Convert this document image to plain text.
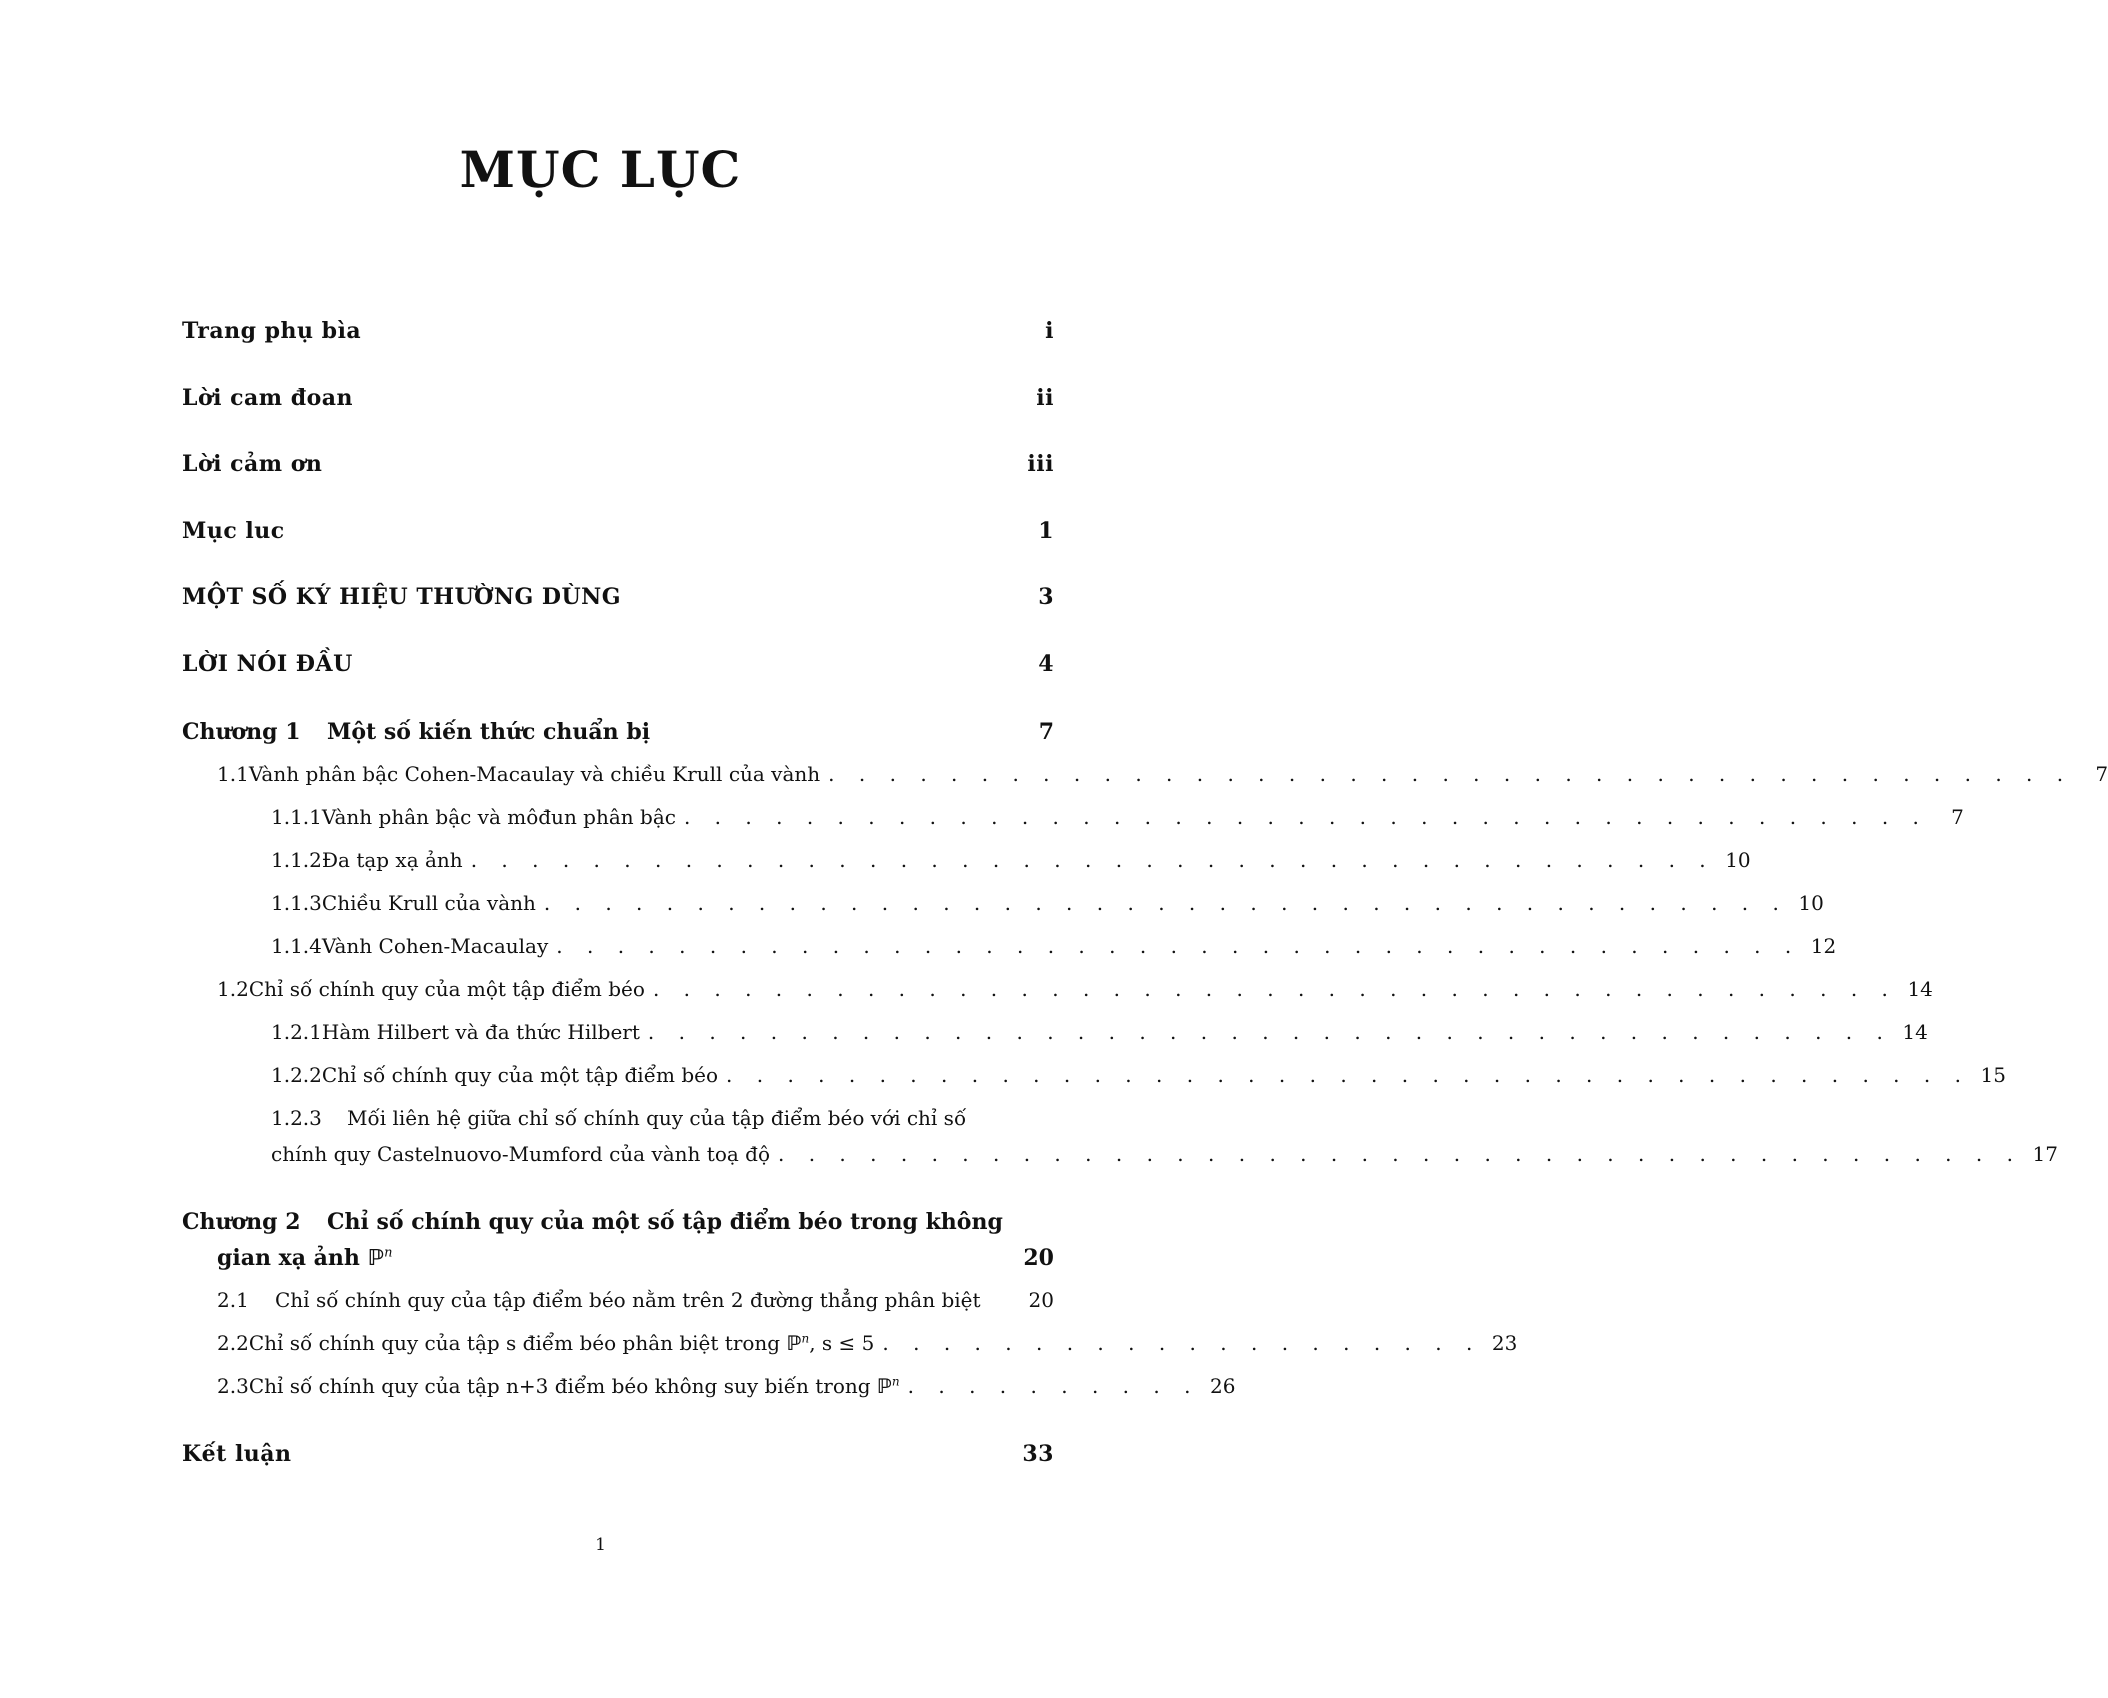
MỤC LỤC
Trang phụ bìa	i
Lời cam đoan	ii
Lời cảm ơn	iii
Mục luc	1
MỘT SỐ KÝ HIỆU THƯỜNG DÙNG	3
LỜI NÓI ĐẦU	4
Chương 1	Một số kiến thức chuẩn bị	7
1.1 Vành phân bậc Cohen-Macaulay và chiều Krull của vành . . . . . . . . . . . . . . . . . . . . . . . . . . . . . . . . . . . . . . . . .	7
1.1.1 Vành phân bậc và môđun phân bậc . . . . . . . . . . . . . . . . . . . . . . . . . . . . . . . . . . . . . . . . .	7
1.1.2 Đa tạp xạ ảnh . . . . . . . . . . . . . . . . . . . . . . . . . . . . . . . . . . . . . . . . . 10
1.1.3 Chiều Krull của vành . . . . . . . . . . . . . . . . . . . . . . . . . . . . . . . . . . . . . . . . . 10
1.1.4 Vành Cohen-Macaulay . . . . . . . . . . . . . . . . . . . . . . . . . . . . . . . . . . . . . . . . . 12
1.2 Chỉ số chính quy của một tập điểm béo . . . . . . . . . . . . . . . . . . . . . . . . . . . . . . . . . . . . . . . . . 14
1.2.1 Hàm Hilbert và đa thức Hilbert . . . . . . . . . . . . . . . . . . . . . . . . . . . . . . . . . . . . . . . . . 14
1.2.2 Chỉ số chính quy của một tập điểm béo . . . . . . . . . . . . . . . . . . . . . . . . . . . . . . . . . . . . . . . . . 15
1.2.3	Mối liên hệ giữa chỉ số chính quy của tập điểm béo với chỉ số
chính quy Castelnuovo-Mumford của vành toạ độ . . . . . . . . . . . . . . . . . . . . . . . . . . . . . . . . . . . . . . . . . 17
Chương 2	Chỉ số chính quy của một số tập điểm béo trong không
gian xạ ảnh ℙ$^n$	20
2.1	Chỉ số chính quy của tập điểm béo nằm trên 2 đường thẳng phân biệt 20
2.2 Chỉ số chính quy của tập s điểm béo phân biệt trong ℙ$^n$, s ≤ 5 . . . . . . . . . . . . . . . . . . . . 23
2.3 Chỉ số chính quy của tập n+3 điểm béo không suy biến trong ℙ$^n$ . . . . . . . . . . 26
Kết luận	33
1
